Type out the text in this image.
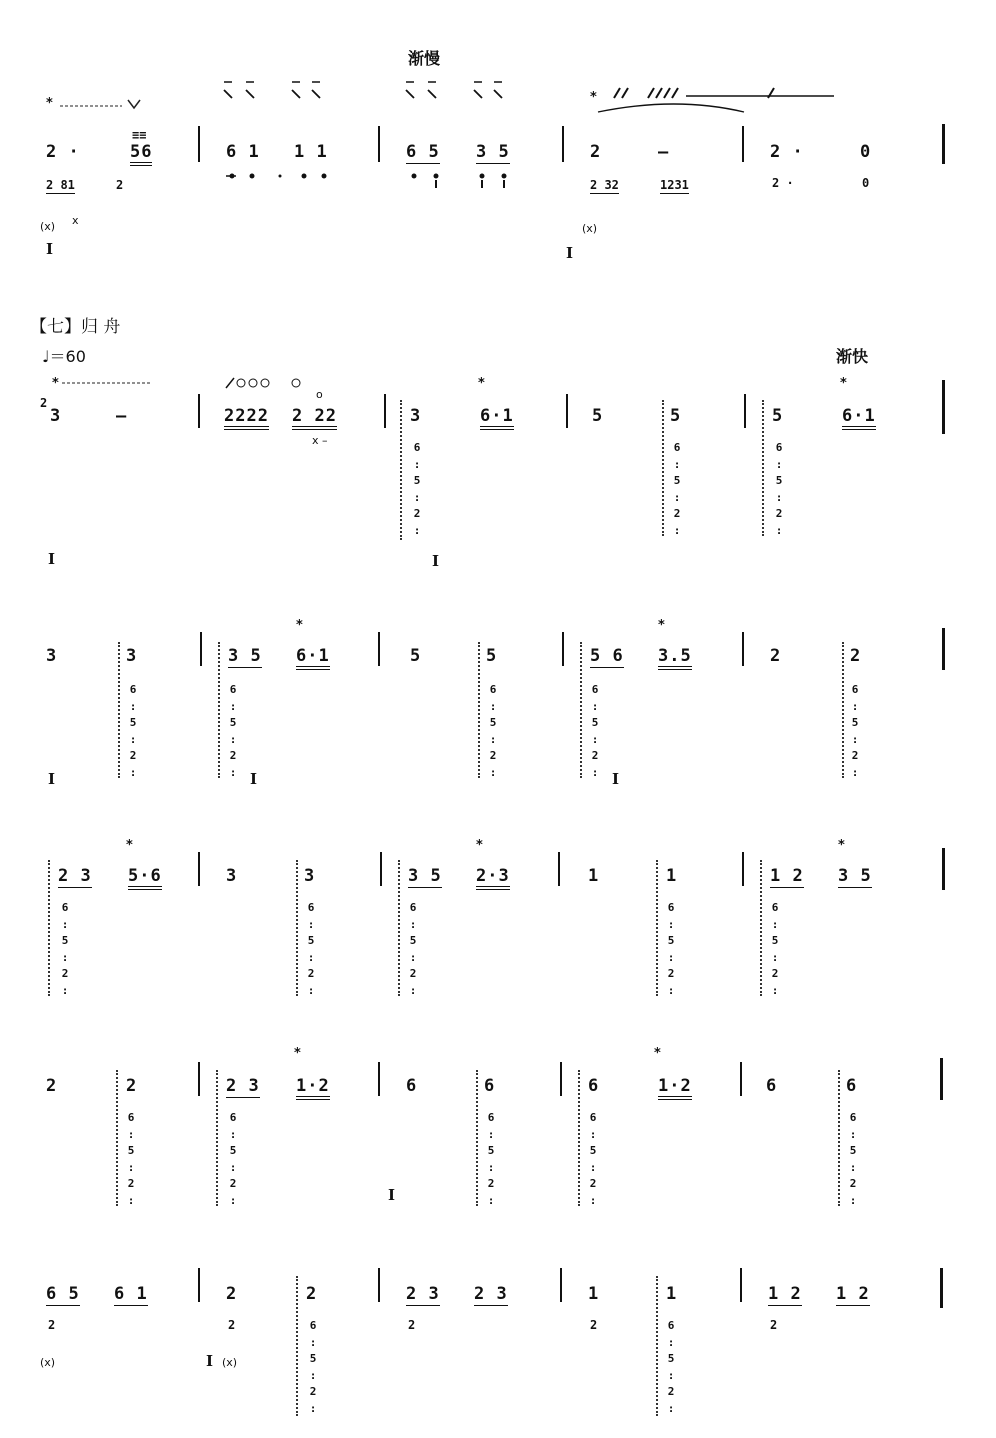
渐慢
*	*
2 ·
≡≡
56	6 1 1 1	6 5 3 5	2	–	2 ·	0
2 81	2
(x) x
I
2 32	1231
(x)
I
2 ·	0
【七】归 舟
♩＝60	渐快
*
o
2
3	–	2222 2 22
x –
3
6
:
5
:
2
:
I
*
6·1	5	5
6
:
5
:
2
:
5
6
:
5
:
2
:
*
6·1
I
3	3
6
:
5
:
2
:
I
3 5
6
:
5
:
2
: I
*
6·1	5	5
6
:
5
:
2
:
5 6
6
:
5
:
2
: I
*
3.5	2	2
6
:
5
:
2
:
2 3
6
:
5
:
2
:
*
5·6	3	3
6
:
5
:
2
:
3 5
6
:
5
:
2
:
*
2·3	1	1
6
:
5
:
2
:
1 2
6
:
5
:
2
:
*
3 5
2	2
6
:
5
:
2
:
2 3
6
:
5
:
2
:
*
1·2	6
I
6
6
:
5
:
2
:
6
6
:
5
:
2
:
*
1·2	6	6
6
:
5
:
2
:
6 5 6 1
2
(x)
2
2
I (x)
2
6
:
5
:
2
:
2 3 2 3
2
1
2
1
6
:
5
:
2
:
1 2 1 2
2
